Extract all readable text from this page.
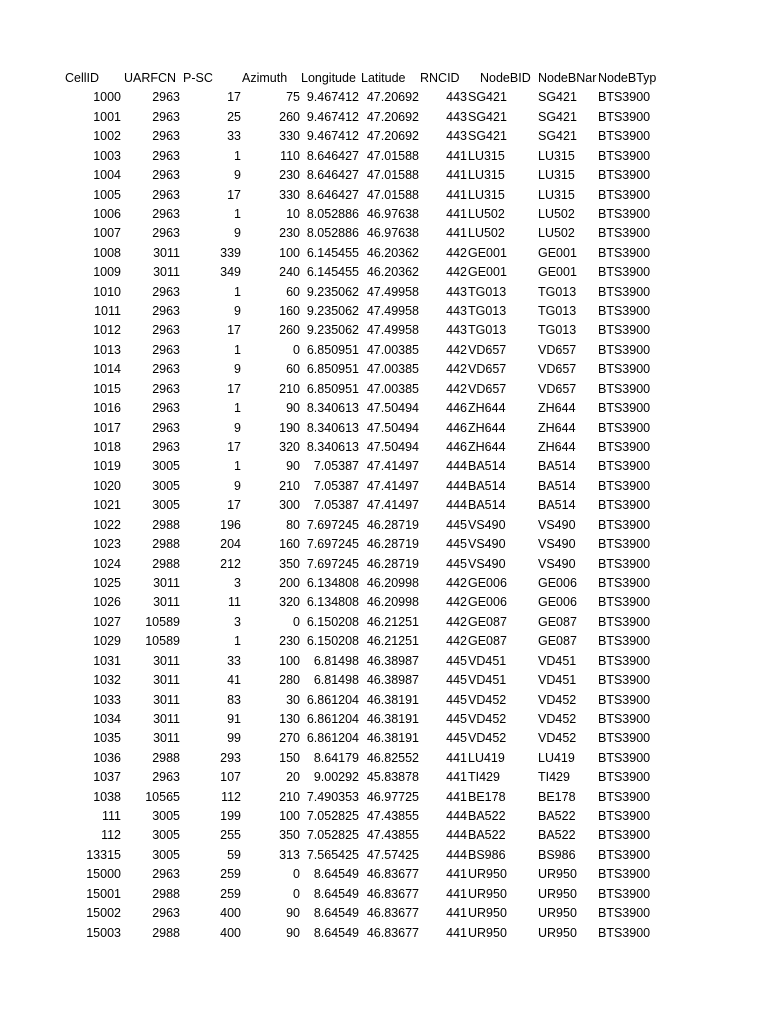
CellID	UARFCN P-SC	Azimuth	Longitude Latitude	RNCID	NodeBID NodeBNar NodeBTyp
1000	2963	17	75 9.467412 47.20692	443 SG421	SG421	BTS3900
1001	2963	25	260 9.467412 47.20692	443 SG421	SG421	BTS3900
1002	2963	33	330 9.467412 47.20692	443 SG421	SG421	BTS3900
1003	2963	1	110 8.646427 47.01588	441 LU315	LU315	BTS3900
1004	2963	9	230 8.646427 47.01588	441 LU315	LU315	BTS3900
1005	2963	17	330 8.646427 47.01588	441 LU315	LU315	BTS3900
1006	2963	1	10 8.052886 46.97638	441 LU502	LU502	BTS3900
1007	2963	9	230 8.052886 46.97638	441 LU502	LU502	BTS3900
1008	3011	339	100 6.145455 46.20362	442 GE001	GE001	BTS3900
1009	3011	349	240 6.145455 46.20362	442 GE001	GE001	BTS3900
1010	2963	1	60 9.235062 47.49958	443 TG013	TG013	BTS3900
1011	2963	9	160 9.235062 47.49958	443 TG013	TG013	BTS3900
1012	2963	17	260 9.235062 47.49958	443 TG013	TG013	BTS3900
1013	2963	1	0 6.850951 47.00385	442 VD657	VD657	BTS3900
1014	2963	9	60 6.850951 47.00385	442 VD657	VD657	BTS3900
1015	2963	17	210 6.850951 47.00385	442 VD657	VD657	BTS3900
1016	2963	1	90 8.340613 47.50494	446 ZH644	ZH644	BTS3900
1017	2963	9	190 8.340613 47.50494	446 ZH644	ZH644	BTS3900
1018	2963	17	320 8.340613 47.50494	446 ZH644	ZH644	BTS3900
1019	3005	1	90	7.05387 47.41497	444 BA514	BA514	BTS3900
1020	3005	9	210	7.05387 47.41497	444 BA514	BA514	BTS3900
1021	3005	17	300	7.05387 47.41497	444 BA514	BA514	BTS3900
1022	2988	196	80 7.697245 46.28719	445 VS490	VS490	BTS3900
1023	2988	204	160 7.697245 46.28719	445 VS490	VS490	BTS3900
1024	2988	212	350 7.697245 46.28719	445 VS490	VS490	BTS3900
1025	3011	3	200 6.134808 46.20998	442 GE006	GE006	BTS3900
1026	3011	11	320 6.134808 46.20998	442 GE006	GE006	BTS3900
1027	10589	3	0 6.150208 46.21251	442 GE087	GE087	BTS3900
1029	10589	1	230 6.150208 46.21251	442 GE087	GE087	BTS3900
1031	3011	33	100	6.81498 46.38987	445 VD451	VD451	BTS3900
1032	3011	41	280	6.81498 46.38987	445 VD451	VD451	BTS3900
1033	3011	83	30 6.861204 46.38191	445 VD452	VD452	BTS3900
1034	3011	91	130 6.861204 46.38191	445 VD452	VD452	BTS3900
1035	3011	99	270 6.861204 46.38191	445 VD452	VD452	BTS3900
1036	2988	293	150	8.64179 46.82552	441 LU419	LU419	BTS3900
1037	2963	107	20	9.00292 45.83878	441 TI429	TI429	BTS3900
1038	10565	112	210 7.490353 46.97725	441 BE178	BE178	BTS3900
111	3005	199	100 7.052825 47.43855	444 BA522	BA522	BTS3900
112	3005	255	350 7.052825 47.43855	444 BA522	BA522	BTS3900
13315	3005	59	313 7.565425 47.57425	444 BS986	BS986	BTS3900
15000	2963	259	0	8.64549 46.83677	441 UR950	UR950	BTS3900
15001	2988	259	0	8.64549 46.83677	441 UR950	UR950	BTS3900
15002	2963	400	90	8.64549 46.83677	441 UR950	UR950	BTS3900
15003	2988	400	90	8.64549 46.83677	441 UR950	UR950	BTS3900
